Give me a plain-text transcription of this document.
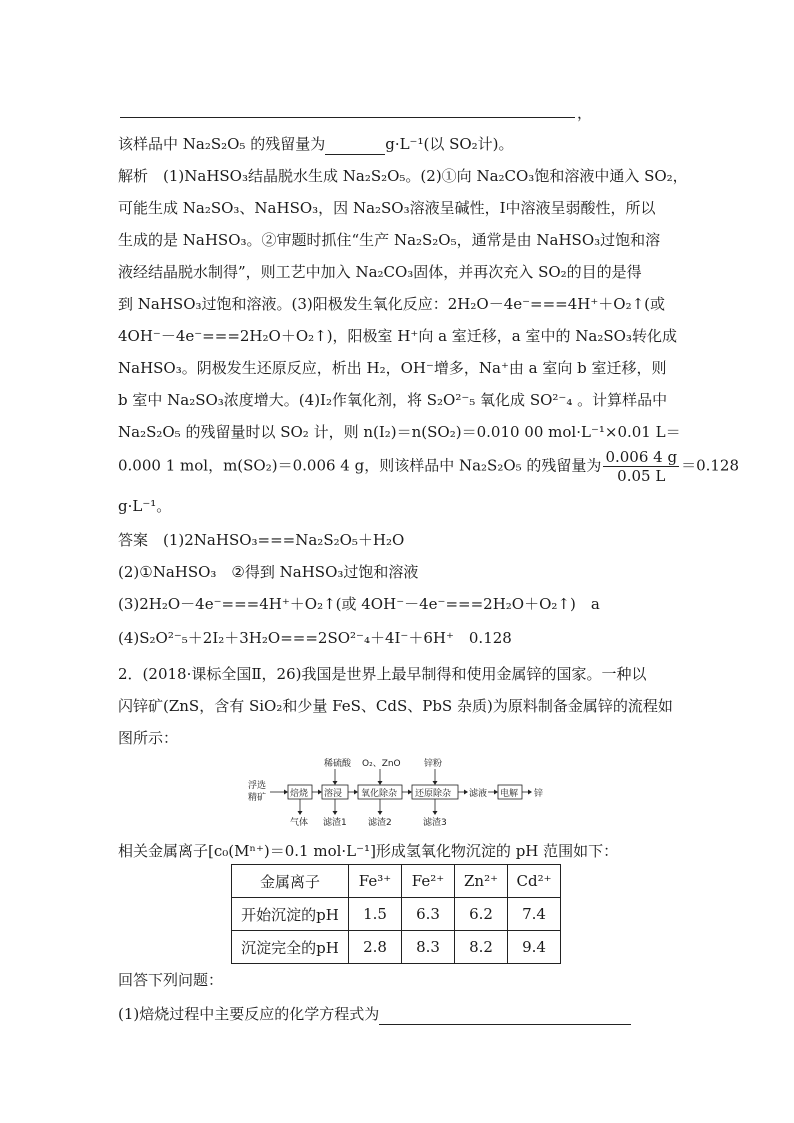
，
该样品中 Na₂S₂O₅ 的残留量为	g·L⁻¹(以 SO₂计)。
解析　(1)NaHSO₃结晶脱水生成 Na₂S₂O₅。(2)①向 Na₂CO₃饱和溶液中通入 SO₂，
可能生成 Na₂SO₃、NaHSO₃，因 Na₂SO₃溶液呈碱性，Ⅰ中溶液呈弱酸性，所以
生成的是 NaHSO₃。②审题时抓住“生产 Na₂S₂O₅，通常是由 NaHSO₃过饱和溶
液经结晶脱水制得”，则工艺中加入 Na₂CO₃固体，并再次充入 SO₂的目的是得
到 NaHSO₃过饱和溶液。(3)阳极发生氧化反应：2H₂O－4e⁻===4H⁺＋O₂↑(或
4OH⁻－4e⁻===2H₂O＋O₂↑)，阳极室 H⁺向 a 室迁移，a 室中的 Na₂SO₃转化成
NaHSO₃。阴极发生还原反应，析出 H₂，OH⁻增多，Na⁺由 a 室向 b 室迁移，则
b 室中 Na₂SO₃浓度增大。(4)I₂作氧化剂，将 S₂O²⁻₅ 氧化成 SO²⁻₄ 。计算样品中
Na₂S₂O₅ 的残留量时以 SO₂ 计，则 n(I₂)＝n(SO₂)＝0.010 00 mol·L⁻¹×0.01 L＝
0.000 1 mol，m(SO₂)＝0.006 4 g，则该样品中 Na₂S₂O₅ 的残留量为 $\frac{0.006 4 g}{0.05 L} =0.128$
g·L⁻¹。
答案　(1)2NaHSO₃===Na₂S₂O₅＋H₂O
(2)①NaHSO₃　②得到 NaHSO₃过饱和溶液
(3)2H₂O－4e⁻===4H⁺＋O₂↑(或 4OH⁻－4e⁻===2H₂O＋O₂↑)　a
(4)S₂O²⁻₅＋2I₂＋3H₂O===2SO²⁻₄＋4I⁻＋6H⁺　0.128
2．(2018·课标全国Ⅱ，26)我国是世界上最早制得和使用金属锌的国家。一种以
闪锌矿(ZnS，含有 SiO₂和少量 FeS、CdS、PbS 杂质)为原料制备金属锌的流程如
图所示：
浮选
精矿	焙烧 溶浸 氧化除杂 还原除杂 滤液 电解 锌
稀硫酸 O₂、ZnO	锌粉
气体 滤渣1 滤渣2	滤渣3
相关金属离子[c₀(Mⁿ⁺)＝0.1 mol·L⁻¹]形成氢氧化物沉淀的 pH 范围如下：
金属离子	Fe³⁺	Fe²⁺	Zn²⁺	Cd²⁺
开始沉淀的pH	1.5	6.3	6.2	7.4
沉淀完全的pH	2.8	8.3	8.2	9.4
回答下列问题：
(1)焙烧过程中主要反应的化学方程式为
